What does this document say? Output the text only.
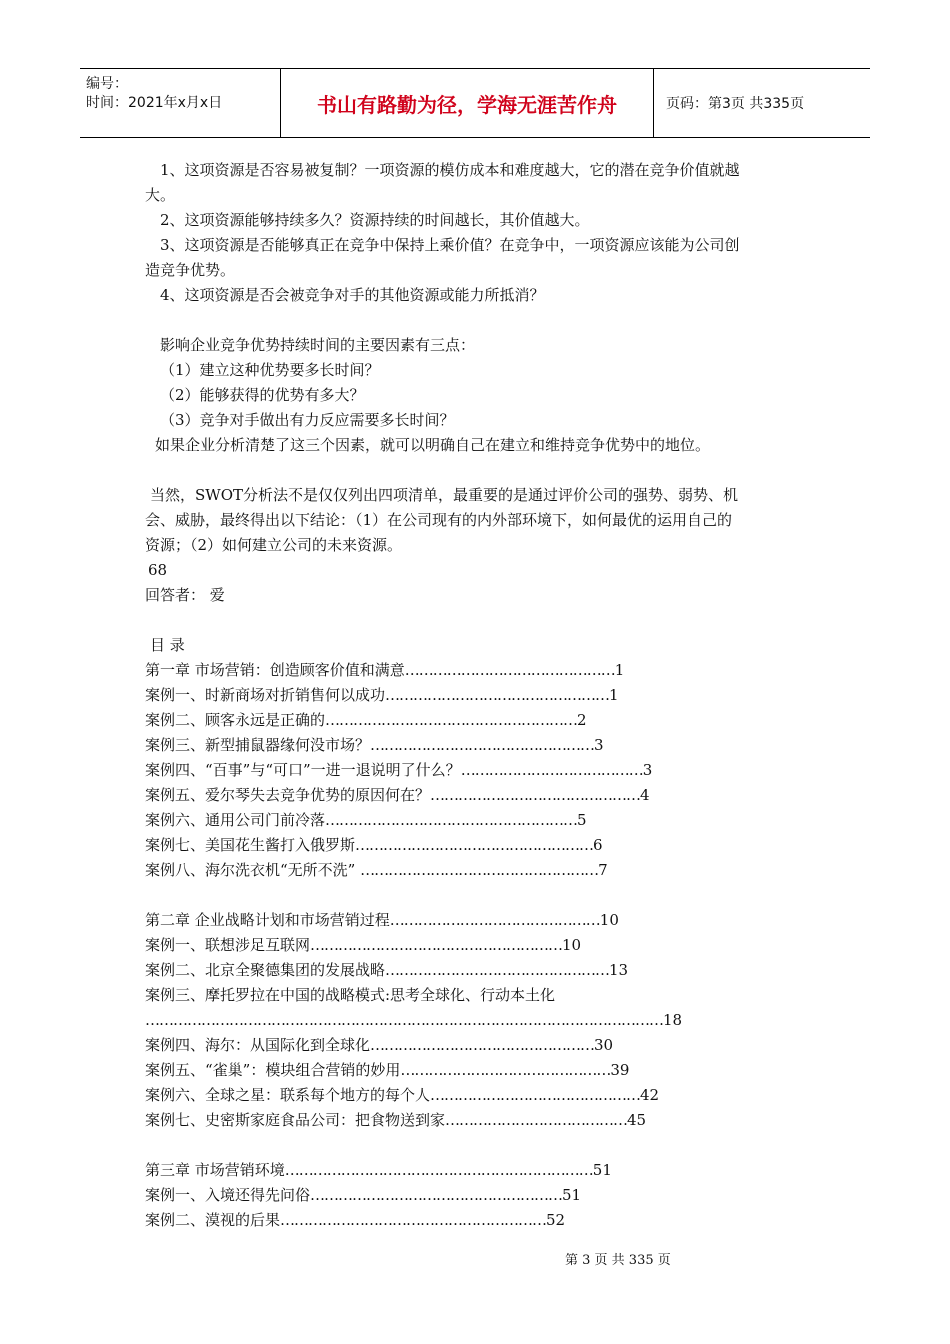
编号：
时间：2021年x月x日	书山有路勤为径，学海无涯苦作舟	页码：第3页 共335页
1、这项资源是否容易被复制？一项资源的模仿成本和难度越大，它的潜在竞争价值就越
大。
2、这项资源能够持续多久？资源持续的时间越长，其价值越大。
3、这项资源是否能够真正在竞争中保持上乘价值？在竞争中，一项资源应该能为公司创
造竞争优势。
4、这项资源是否会被竞争对手的其他资源或能力所抵消？
影响企业竞争优势持续时间的主要因素有三点：
（1）建立这种优势要多长时间？
（2）能够获得的优势有多大？
（3）竞争对手做出有力反应需要多长时间？
如果企业分析清楚了这三个因素，就可以明确自己在建立和维持竞争优势中的地位。
当然，SWOT分析法不是仅仅列出四项清单，最重要的是通过评价公司的强势、弱势、机
会、威胁，最终得出以下结论：（1）在公司现有的内外部环境下，如何最优的运用自己的
资源；（2）如何建立公司的未来资源。
68
回答者： 爱
目 录
第一章 市场营销：创造顾客价值和满意………………………………………1
案例一、时新商场对折销售何以成功…………………………………………1
案例二、顾客永远是正确的………………………………………………2
案例三、新型捕鼠器缘何没市场？…………………………………………3
案例四、“百事”与“可口”一进一退说明了什么？…………………………………3
案例五、爱尔琴失去竞争优势的原因何在？………………………………………4
案例六、通用公司门前冷落………………………………………………5
案例七、美国花生酱打入俄罗斯……………………………………………6
案例八、海尔洗衣机“无所不洗” ……………………………………………7
第二章 企业战略计划和市场营销过程………………………………………10
案例一、联想涉足互联网………………………………………………10
案例二、北京全聚德集团的发展战略…………………………………………13
案例三、摩托罗拉在中国的战略模式:思考全球化、行动本土化
…………………………………………………………………………………………………18
案例四、海尔：从国际化到全球化…………………………………………30
案例五、“雀巢”：模块组合营销的妙用………………………………………39
案例六、全球之星：联系每个地方的每个人………………………………………42
案例七、史密斯家庭食品公司：把食物送到家…………………………………45
第三章 市场营销环境…………………………………………………………51
案例一、入境还得先问俗………………………………………………51
案例二、漠视的后果…………………………………………………52
第 3 页 共 335 页
